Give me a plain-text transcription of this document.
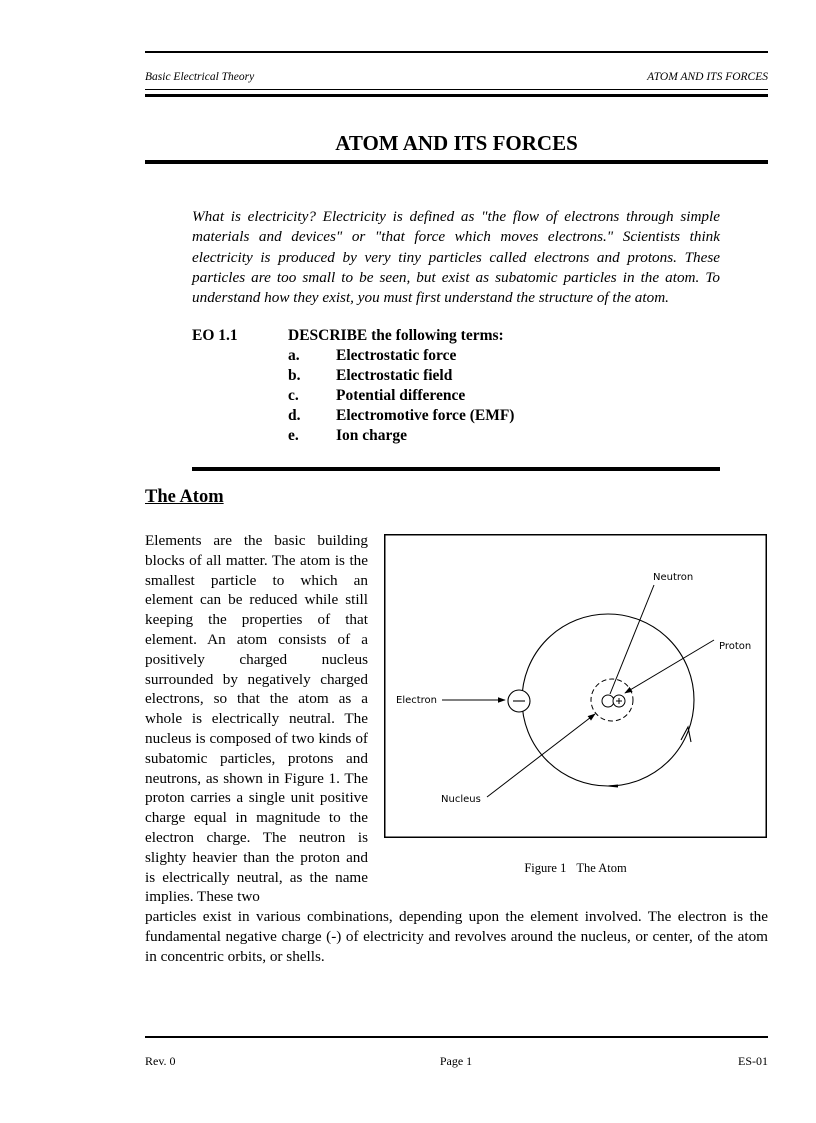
Basic Electrical Theory	ATOM AND ITS FORCES
ATOM AND ITS FORCES
What is electricity? Electricity is defined as "the flow of electrons through simple materials and devices" or "that force which moves electrons." Scientists think electricity is produced by very tiny particles called electrons and protons. These particles are too small to be seen, but exist as subatomic particles in the atom. To understand how they exist, you must first understand the structure of the atom.
EO 1.1	DESCRIBE the following terms:
a. Electrostatic force
b. Electrostatic field
c. Potential difference
d. Electromotive force (EMF)
e. Ion charge
The Atom
Elements are the basic building blocks of all matter. The atom is the smallest particle to which an element can be reduced while still keeping the properties of that element. An atom consists of a positively charged nucleus surrounded by negatively charged electrons, so that the atom as a whole is electrically neutral. The nucleus is composed of two kinds of subatomic particles, protons and neutrons, as shown in Figure 1. The proton carries a single unit positive charge equal in magnitude to the electron charge. The neutron is slighty heavier than the proton and is electrically neutral, as the name implies. These two
particles exist in various combinations, depending upon the element involved. The electron is the fundamental negative charge (-) of electricity and revolves around the nucleus, or center, of the atom in concentric orbits, or shells.
Neutron
Proton
Electron
Nucleus
Figure 1 The Atom
Rev. 0	Page 1	ES-01
